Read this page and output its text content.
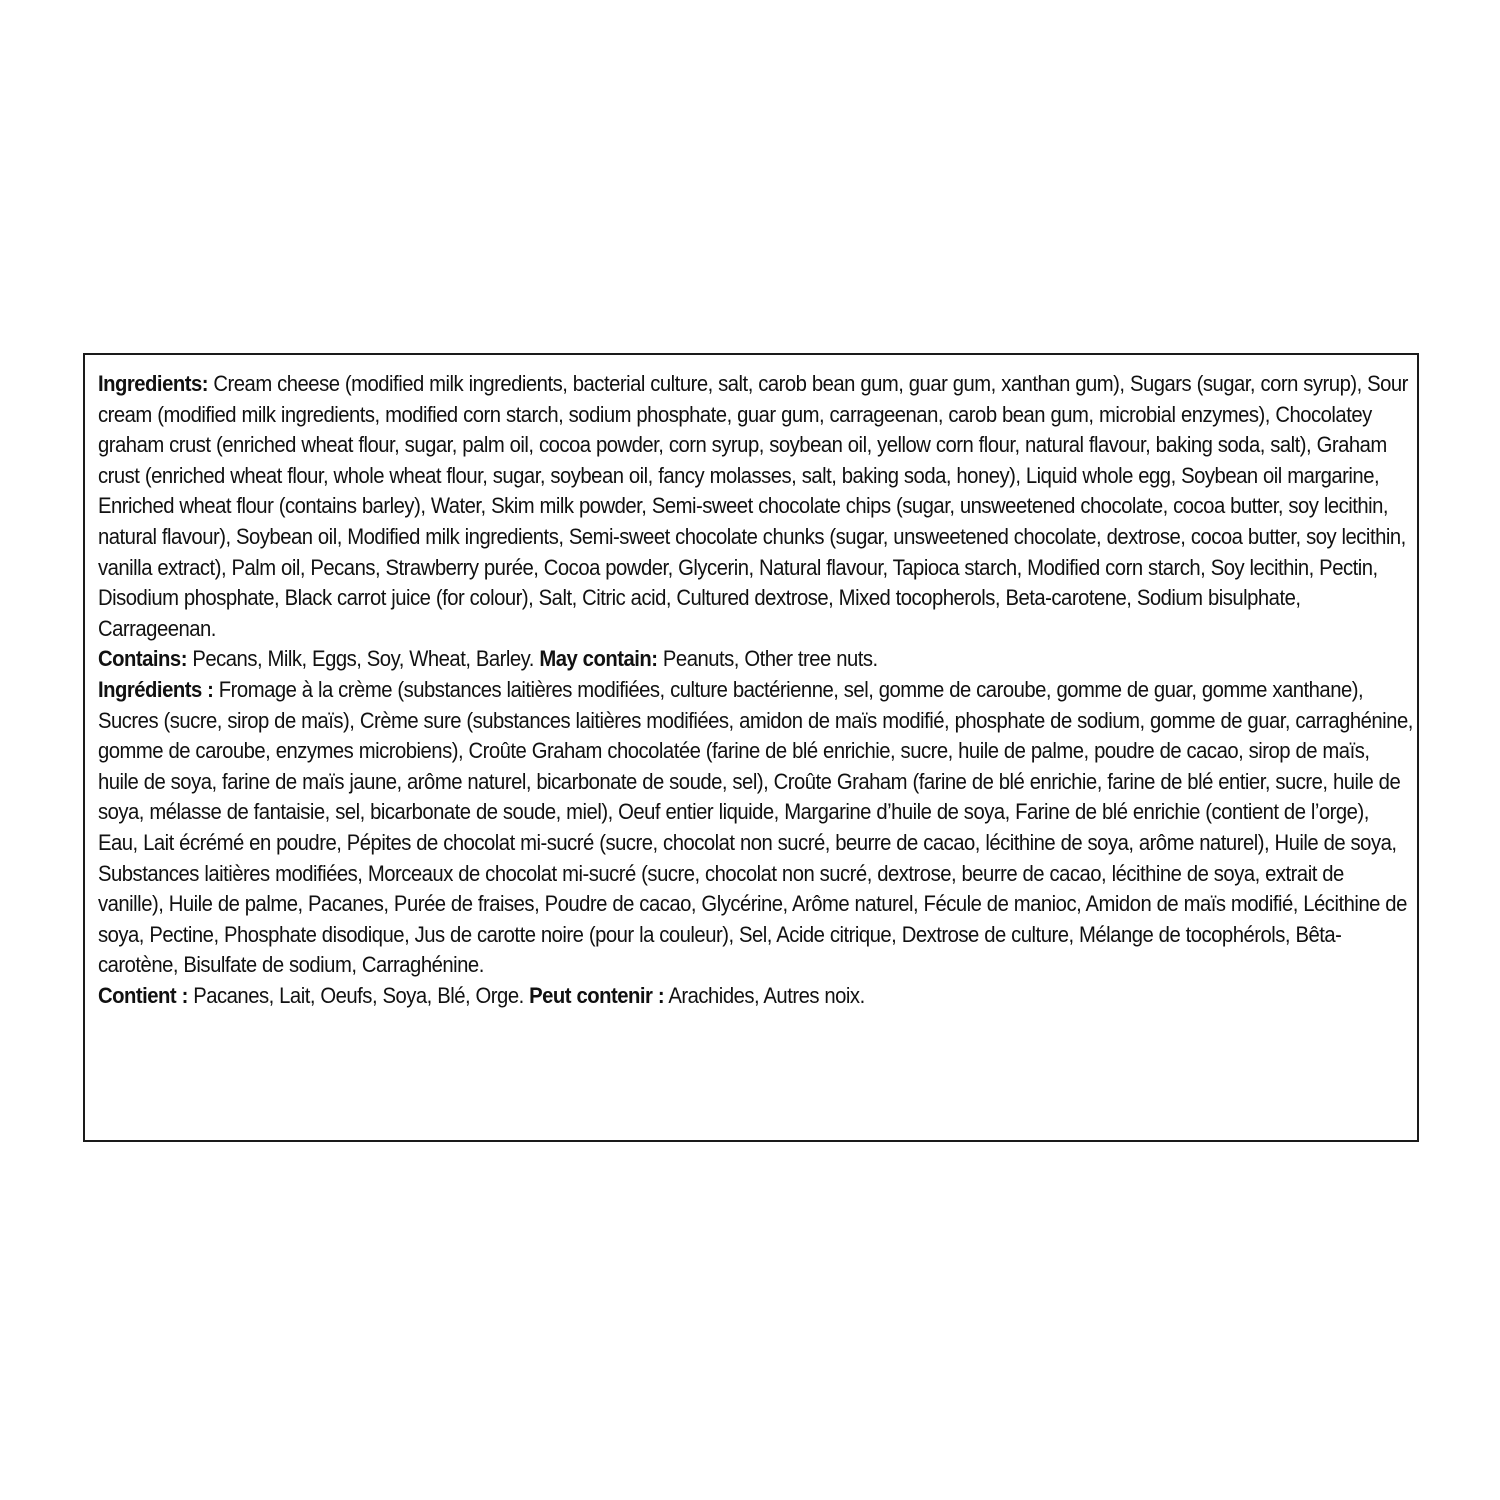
Ingredients: Cream cheese (modified milk ingredients, bacterial culture, salt, carob bean gum, guar gum, xanthan gum), Sugars (sugar, corn syrup), Sour cream (modified milk ingredients, modified corn starch, sodium phosphate, guar gum, carrageenan, carob bean gum, microbial enzymes), Chocolatey graham crust (enriched wheat flour, sugar, palm oil, cocoa powder, corn syrup, soybean oil, yellow corn flour, natural flavour, baking soda, salt), Graham crust (enriched wheat flour, whole wheat flour, sugar, soybean oil, fancy molasses, salt, baking soda, honey), Liquid whole egg, Soybean oil margarine, Enriched wheat flour (contains barley), Water, Skim milk powder, Semi-sweet chocolate chips (sugar, unsweetened chocolate, cocoa butter, soy lecithin, natural flavour), Soybean oil, Modified milk ingredients, Semi-sweet chocolate chunks (sugar, unsweetened chocolate, dextrose, cocoa butter, soy lecithin, vanilla extract), Palm oil, Pecans, Strawberry purée, Cocoa powder, Glycerin, Natural flavour, Tapioca starch, Modified corn starch, Soy lecithin, Pectin, Disodium phosphate, Black carrot juice (for colour), Salt, Citric acid, Cultured dextrose, Mixed tocopherols, Beta-carotene, Sodium bisulphate, Carrageenan.

Contains: Pecans, Milk, Eggs, Soy, Wheat, Barley. May contain: Peanuts, Other tree nuts.

Ingrédients : Fromage à la crème (substances laitières modifiées, culture bactérienne, sel, gomme de caroube, gomme de guar, gomme xanthane), Sucres (sucre, sirop de maïs), Crème sure (substances laitières modifiées, amidon de maïs modifié, phosphate de sodium, gomme de guar, carraghénine, gomme de caroube, enzymes microbiens), Croûte Graham chocolatée (farine de blé enrichie, sucre, huile de palme, poudre de cacao, sirop de maïs, huile de soya, farine de maïs jaune, arôme naturel, bicarbonate de soude, sel), Croûte Graham (farine de blé enrichie, farine de blé entier, sucre, huile de soya, mélasse de fantaisie, sel, bicarbonate de soude, miel), Oeuf entier liquide, Margarine d’huile de soya, Farine de blé enrichie (contient de l’orge), Eau, Lait écrémé en poudre, Pépites de chocolat mi-sucré (sucre, chocolat non sucré, beurre de cacao, lécithine de soya, arôme naturel), Huile de soya, Substances laitières modifiées, Morceaux de chocolat mi-sucré (sucre, chocolat non sucré, dextrose, beurre de cacao, lécithine de soya, extrait de vanille), Huile de palme, Pacanes, Purée de fraises, Poudre de cacao, Glycérine, Arôme naturel, Fécule de manioc, Amidon de maïs modifié, Lécithine de soya, Pectine, Phosphate disodique, Jus de carotte noire (pour la couleur), Sel, Acide citrique, Dextrose de culture, Mélange de tocophérols, Bêta-carotène, Bisulfate de sodium, Carraghénine.

Contient : Pacanes, Lait, Oeufs, Soya, Blé, Orge. Peut contenir : Arachides, Autres noix.
